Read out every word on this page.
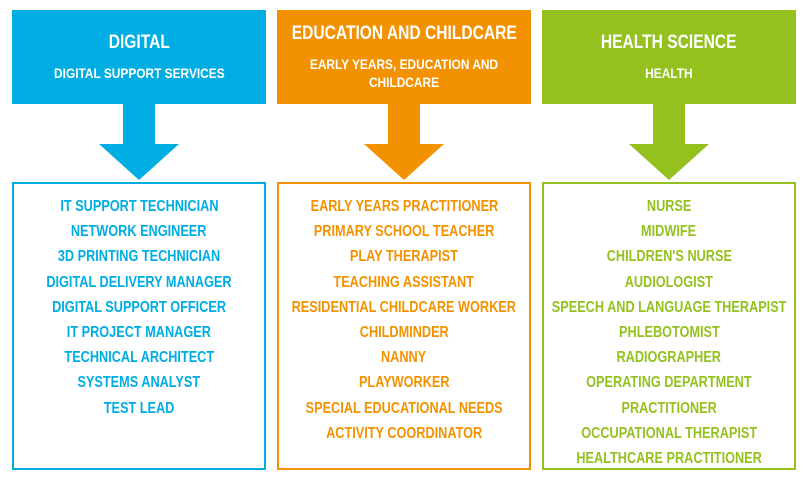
DIGITAL
DIGITAL SUPPORT SERVICES
IT SUPPORT TECHNICIAN
NETWORK ENGINEER
3D PRINTING TECHNICIAN
DIGITAL DELIVERY MANAGER
DIGITAL SUPPORT OFFICER
IT PROJECT MANAGER
TECHNICAL ARCHITECT
SYSTEMS ANALYST
TEST LEAD
EDUCATION AND CHILDCARE
EARLY YEARS, EDUCATION AND CHILDCARE
EARLY YEARS PRACTITIONER
PRIMARY SCHOOL TEACHER
PLAY THERAPIST
TEACHING ASSISTANT
RESIDENTIAL CHILDCARE WORKER
CHILDMINDER
NANNY
PLAYWORKER
SPECIAL EDUCATIONAL NEEDS
ACTIVITY COORDINATOR
HEALTH SCIENCE
HEALTH
NURSE
MIDWIFE
CHILDREN'S NURSE
AUDIOLOGIST
SPEECH AND LANGUAGE THERAPIST
PHLEBOTOMIST
RADIOGRAPHER
OPERATING DEPARTMENT
PRACTITIONER
OCCUPATIONAL THERAPIST
HEALTHCARE PRACTITIONER
